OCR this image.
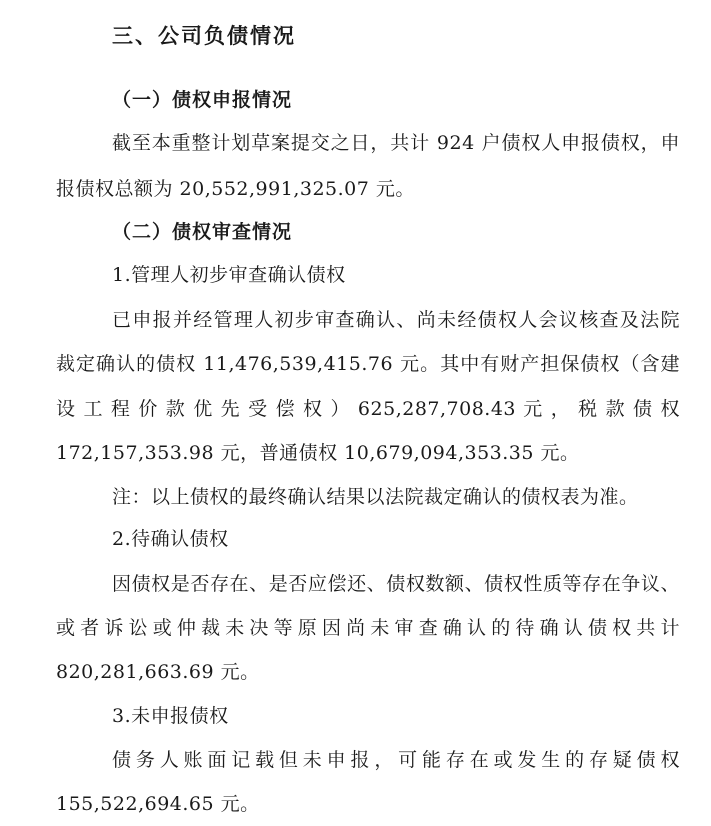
三、公司负债情况
（一）债权申报情况
截至本重整计划草案提交之日，共计 924 户债权人申报债权，申
报债权总额为 20,552,991,325.07 元。
（二）债权审查情况
1.管理人初步审查确认债权
已申报并经管理人初步审查确认、尚未经债权人会议核查及法院
裁定确认的债权 11,476,539,415.76 元。其中有财产担保债权（含建
设 工 程 价 款 优 先 受 偿 权 ） 625,287,708.43 元 ， 税 款 债 权
172,157,353.98 元，普通债权 10,679,094,353.35 元。
注：以上债权的最终确认结果以法院裁定确认的债权表为准。
2.待确认债权
因债权是否存在、是否应偿还、债权数额、债权性质等存在争议、
或者诉讼或仲裁未决等原因尚未审查确认的待确认债权共计
820,281,663.69 元。
3.未申报债权
债务人账面记载但未申报，可能存在或发生的存疑债权
155,522,694.65 元。
